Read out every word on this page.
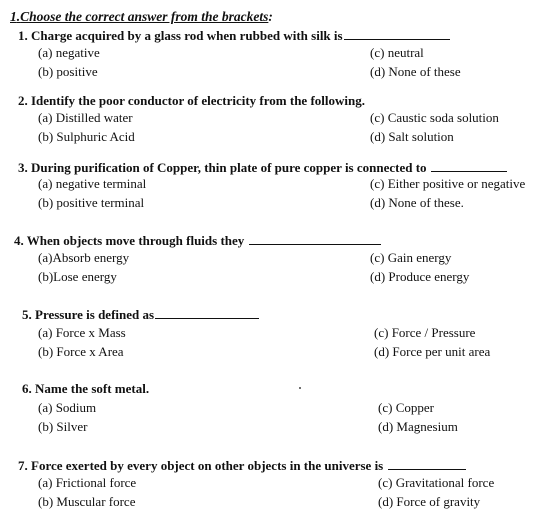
1.Choose the correct answer from the brackets:
1. Charge acquired by a glass rod when rubbed with silk is
(a) negative	(c) neutral
(b) positive	(d) None of these
2. Identify the poor conductor of electricity from the following.
(a) Distilled water	(c) Caustic soda solution
(b) Sulphuric Acid	(d) Salt solution
3. During purification of Copper, thin plate of pure copper is connected to
(a) negative terminal	(c) Either positive or negative
(b) positive terminal	(d) None of these.
4. When objects move through fluids they
(a)Absorb energy	(c) Gain energy
(b)Lose energy	(d) Produce energy
5. Pressure is defined as
(a) Force x Mass	(c) Force / Pressure
(b) Force x Area	(d) Force per unit area
6. Name the soft metal.
(a) Sodium	(c) Copper
(b) Silver	(d) Magnesium
7. Force exerted by every object on other objects in the universe is
(a) Frictional force	(c) Gravitational force
(b) Muscular force	(d) Force of gravity
